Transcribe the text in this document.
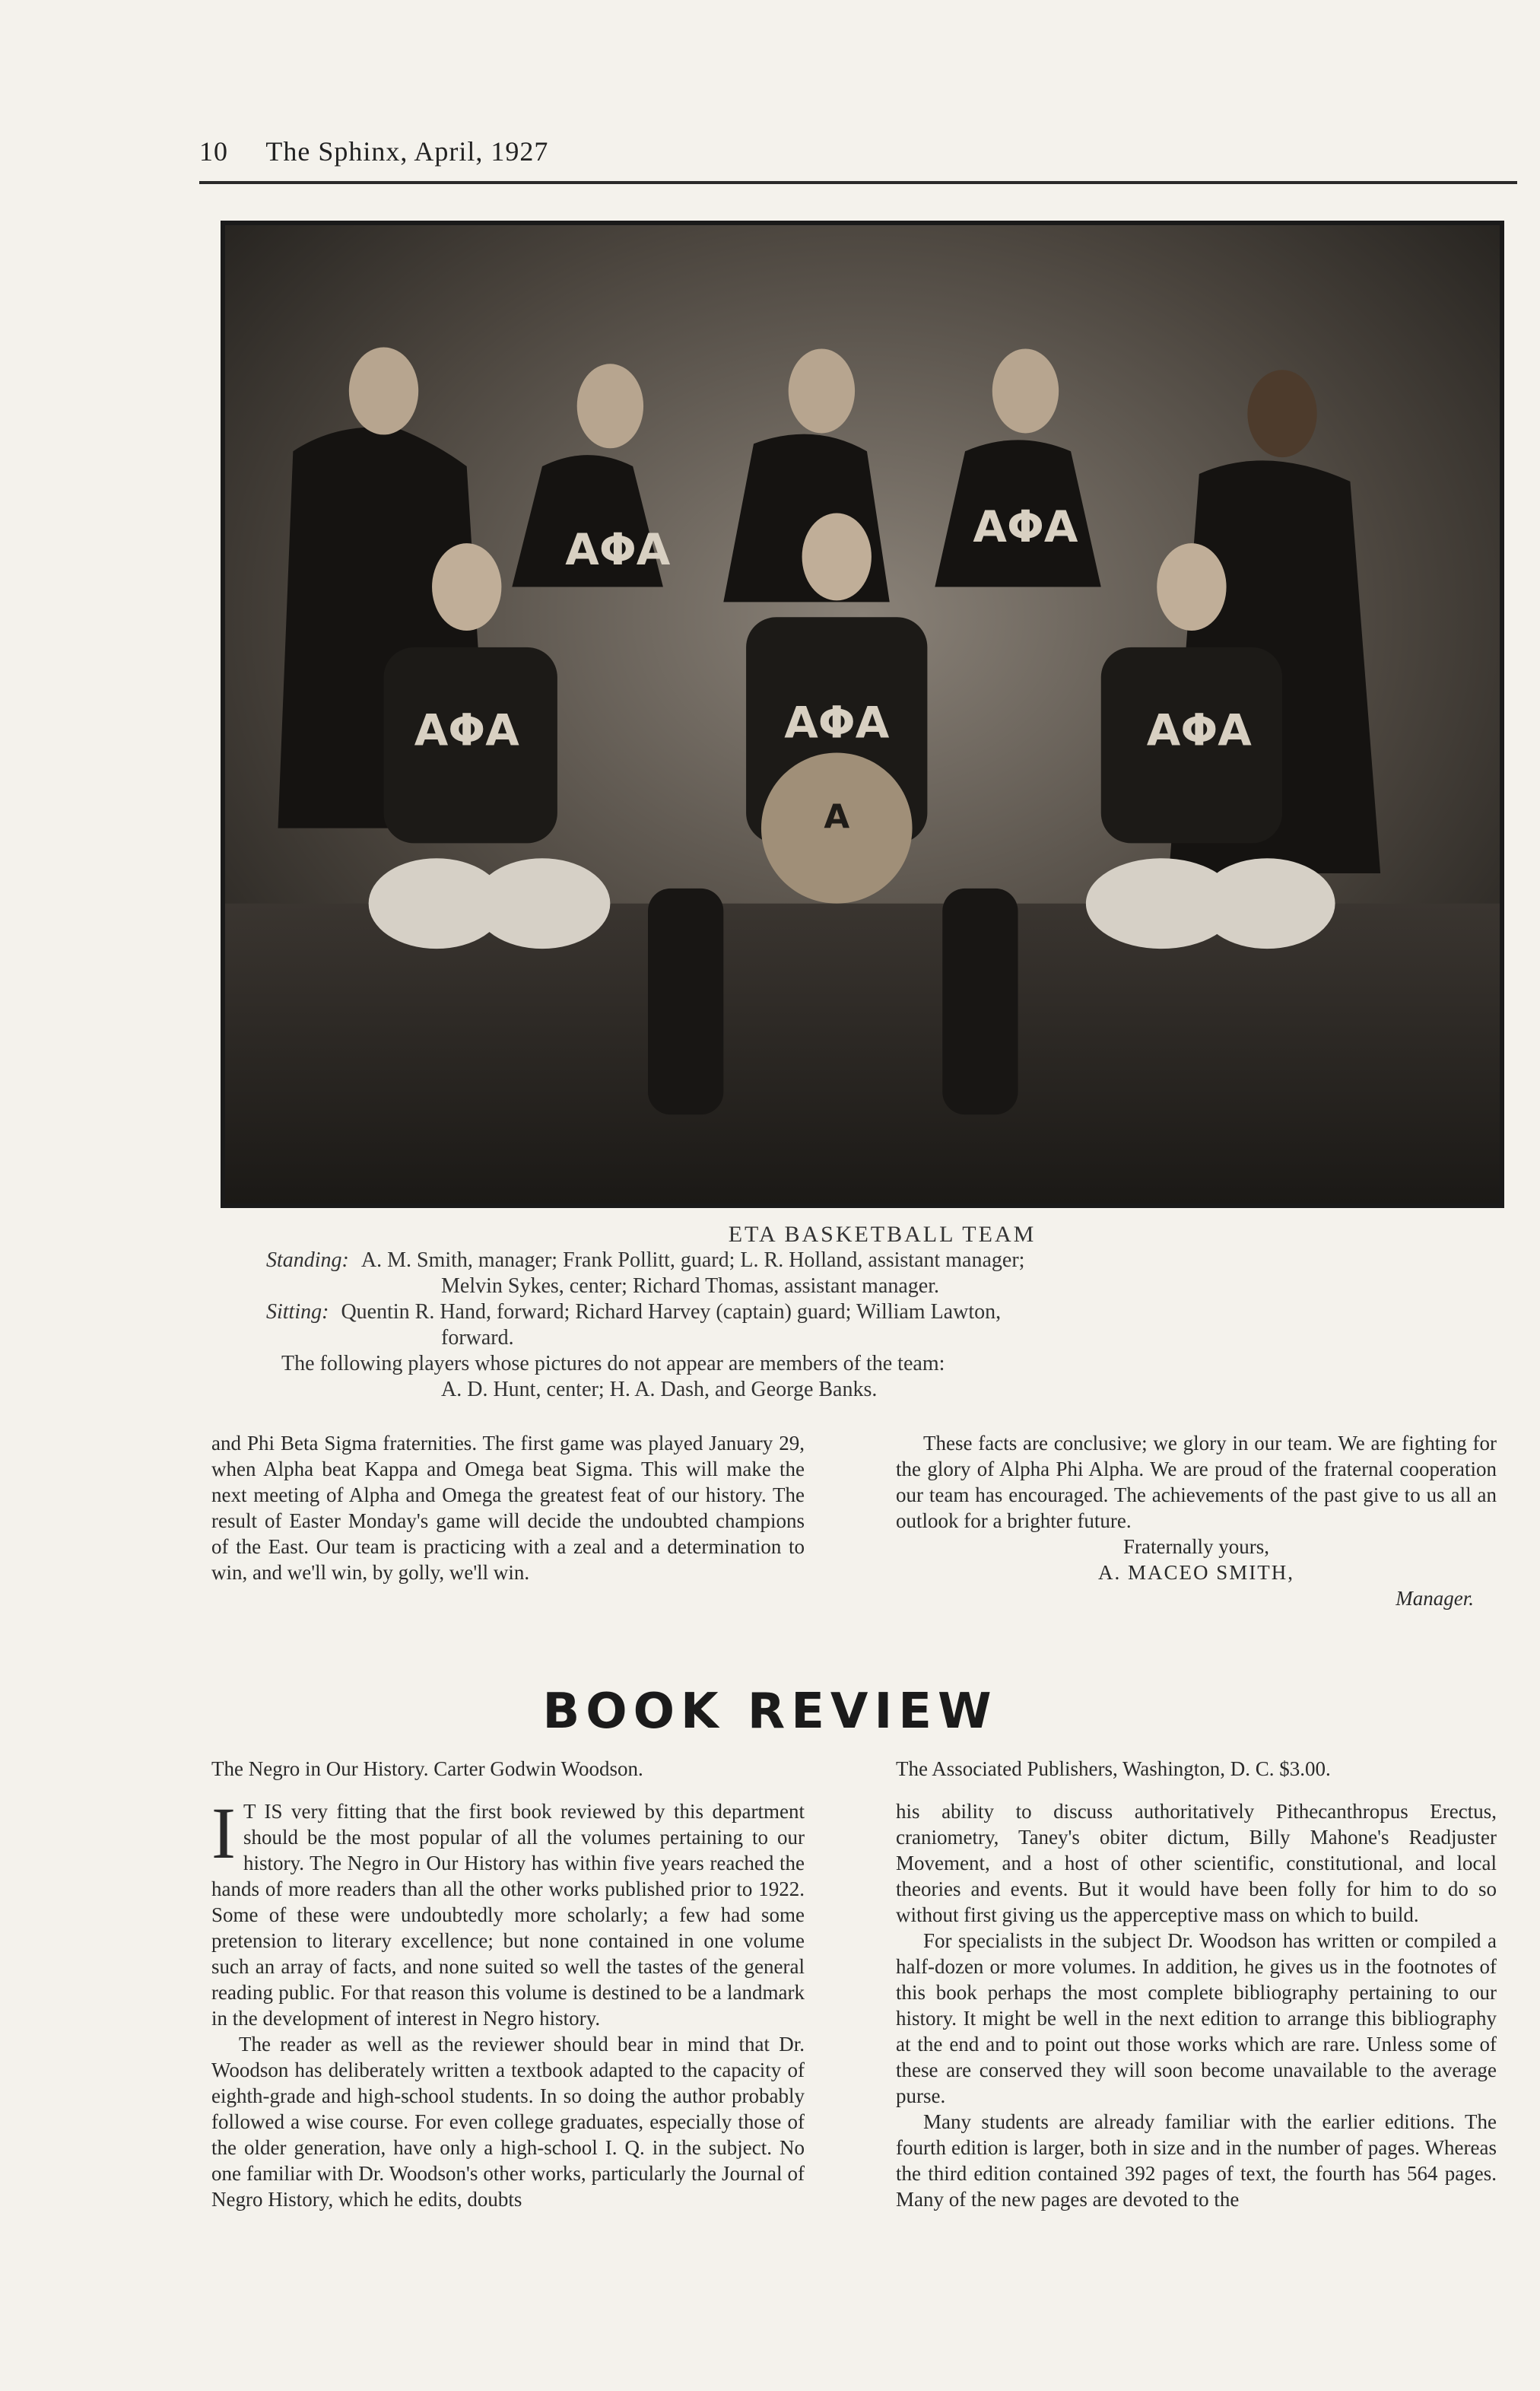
10 The Sphinx, April, 1927
AΦA
AΦA
AΦA	AΦA	AΦA
A
ETA BASKETBALL TEAM
Standing: A. M. Smith, manager; Frank Pollitt, guard; L. R. Holland, assistant manager;
Melvin Sykes, center; Richard Thomas, assistant manager.
Sitting: Quentin R. Hand, forward; Richard Harvey (captain) guard; William Lawton,
forward.
The following players whose pictures do not appear are members of the team:
A. D. Hunt, center; H. A. Dash, and George Banks.

and Phi Beta Sigma fraternities. The first game was played January 29, when Alpha beat Kappa and Omega beat Sigma. This will make the next meeting of Alpha and Omega the greatest feat of our history. The result of Easter Monday's game will decide the undoubted champions of the East. Our team is practicing with a zeal and a determination to win, and we'll win, by golly, we'll win.

These facts are conclusive; we glory in our team. We are fighting for the glory of Alpha Phi Alpha. We are proud of the fraternal cooperation our team has encouraged. The achievements of the past give to us all an outlook for a brighter future.

Fraternally yours,

A. MACEO SMITH,

Manager.

BOOK REVIEW
The Negro in Our History. Carter Godwin Woodson.	The Associated Publishers, Washington, D. C. $3.00.

I T IS very fitting that the first book reviewed by this department should be the most popular of all the volumes pertaining to our history. The Negro in Our History has within five years reached the hands of more readers than all the other works published prior to 1922. Some of these were undoubtedly more scholarly; a few had some pretension to literary excellence; but none contained in one volume such an array of facts, and none suited so well the tastes of the general reading public. For that reason this volume is destined to be a landmark in the development of interest in Negro history.

The reader as well as the reviewer should bear in mind that Dr. Woodson has deliberately written a textbook adapted to the capacity of eighth-grade and high-school students. In so doing the author probably followed a wise course. For even college graduates, especially those of the older generation, have only a high-school I. Q. in the subject. No one familiar with Dr. Woodson's other works, particularly the Journal of Negro History, which he edits, doubts

his ability to discuss authoritatively Pithecanthropus Erectus, craniometry, Taney's obiter dictum, Billy Mahone's Readjuster Movement, and a host of other scientific, constitutional, and local theories and events. But it would have been folly for him to do so without first giving us the apperceptive mass on which to build.

For specialists in the subject Dr. Woodson has written or compiled a half-dozen or more volumes. In addition, he gives us in the footnotes of this book perhaps the most complete bibliography pertaining to our history. It might be well in the next edition to arrange this bibliography at the end and to point out those works which are rare. Unless some of these are conserved they will soon become unavailable to the average purse.

Many students are already familiar with the earlier editions. The fourth edition is larger, both in size and in the number of pages. Whereas the third edition contained 392 pages of text, the fourth has 564 pages. Many of the new pages are devoted to the
